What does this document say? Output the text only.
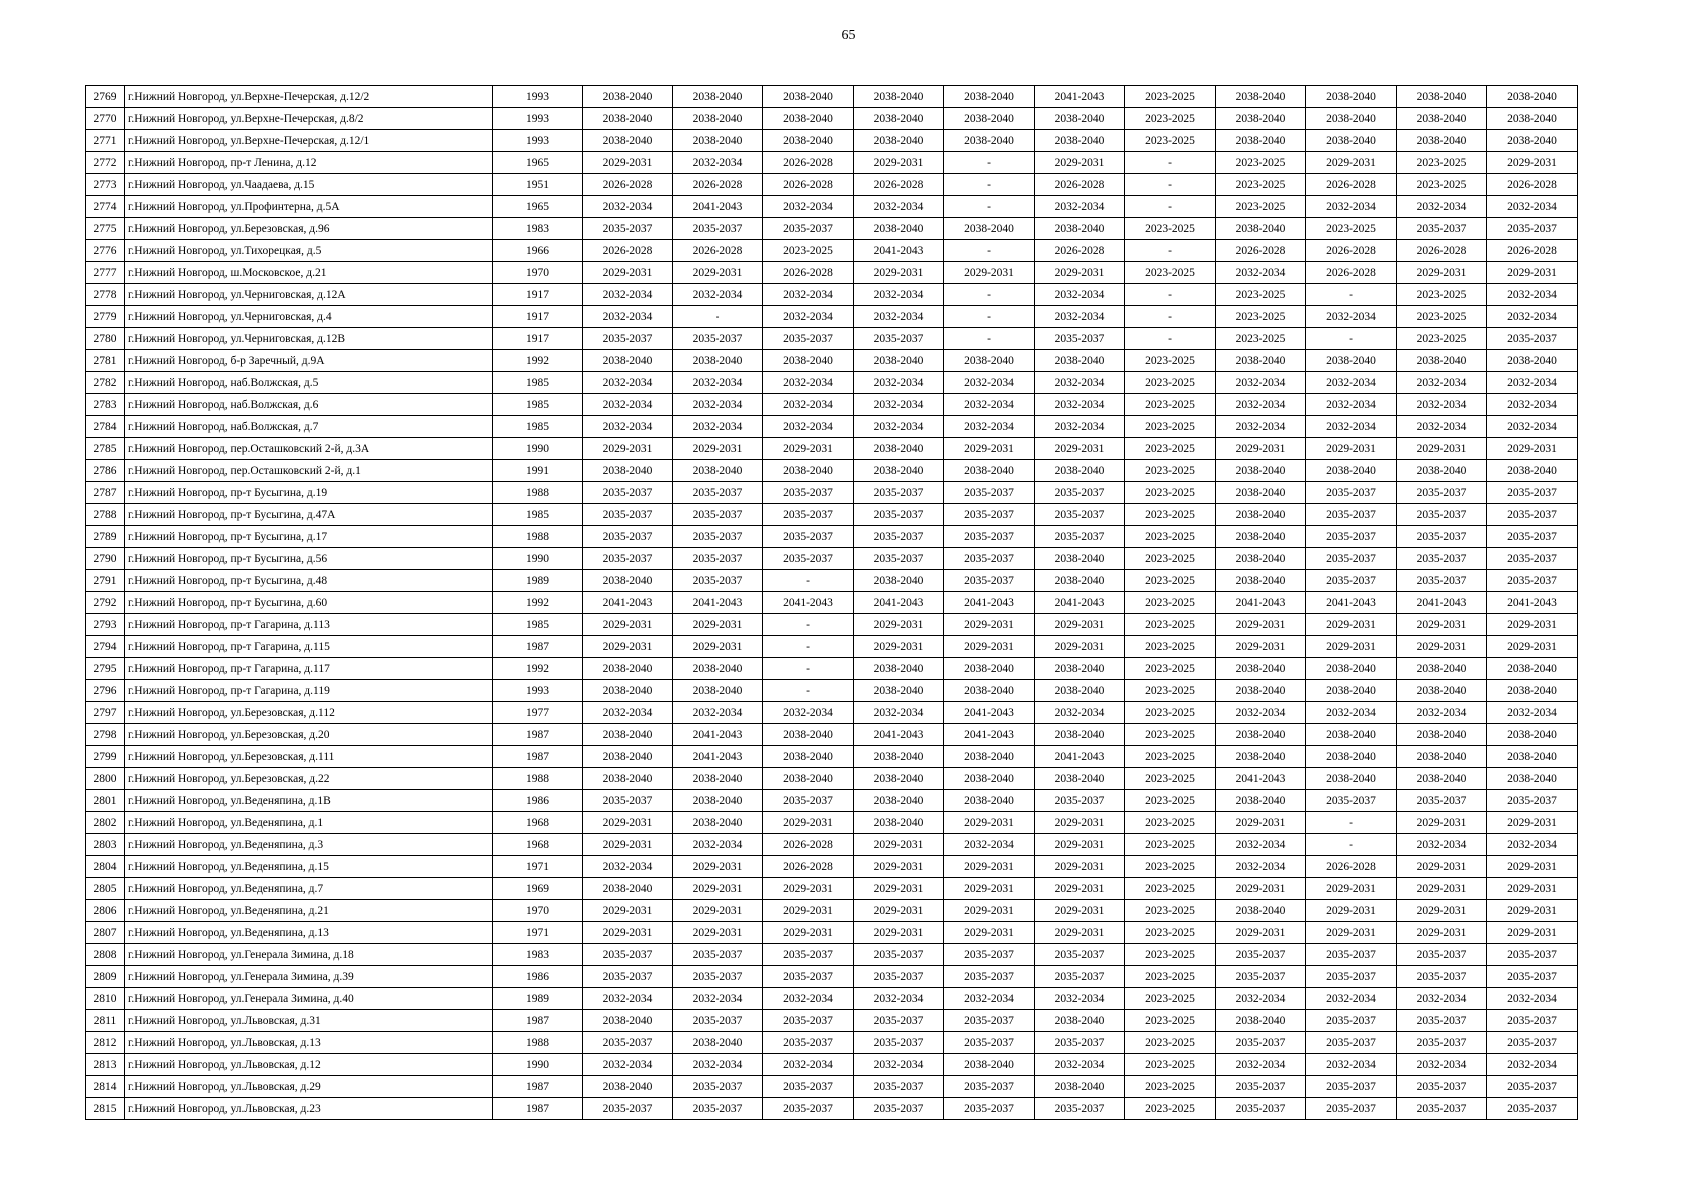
65
2769	г.Нижний Новгород, ул.Верхне-Печерская, д.12/2	1993	2038-2040	2038-2040	2038-2040	2038-2040	2038-2040	2041-2043	2023-2025	2038-2040	2038-2040	2038-2040	2038-2040
2770	г.Нижний Новгород, ул.Верхне-Печерская, д.8/2	1993	2038-2040	2038-2040	2038-2040	2038-2040	2038-2040	2038-2040	2023-2025	2038-2040	2038-2040	2038-2040	2038-2040
2771	г.Нижний Новгород, ул.Верхне-Печерская, д.12/1	1993	2038-2040	2038-2040	2038-2040	2038-2040	2038-2040	2038-2040	2023-2025	2038-2040	2038-2040	2038-2040	2038-2040
2772	г.Нижний Новгород, пр-т Ленина, д.12	1965	2029-2031	2032-2034	2026-2028	2029-2031	-	2029-2031	-	2023-2025	2029-2031	2023-2025	2029-2031
2773	г.Нижний Новгород, ул.Чаадаева, д.15	1951	2026-2028	2026-2028	2026-2028	2026-2028	-	2026-2028	-	2023-2025	2026-2028	2023-2025	2026-2028
2774	г.Нижний Новгород, ул.Профинтерна, д.5А	1965	2032-2034	2041-2043	2032-2034	2032-2034	-	2032-2034	-	2023-2025	2032-2034	2032-2034	2032-2034
2775	г.Нижний Новгород, ул.Березовская, д.96	1983	2035-2037	2035-2037	2035-2037	2038-2040	2038-2040	2038-2040	2023-2025	2038-2040	2023-2025	2035-2037	2035-2037
2776	г.Нижний Новгород, ул.Тихорецкая, д.5	1966	2026-2028	2026-2028	2023-2025	2041-2043	-	2026-2028	-	2026-2028	2026-2028	2026-2028	2026-2028
2777	г.Нижний Новгород, ш.Московское, д.21	1970	2029-2031	2029-2031	2026-2028	2029-2031	2029-2031	2029-2031	2023-2025	2032-2034	2026-2028	2029-2031	2029-2031
2778	г.Нижний Новгород, ул.Черниговская, д.12А	1917	2032-2034	2032-2034	2032-2034	2032-2034	-	2032-2034	-	2023-2025	-	2023-2025	2032-2034
2779	г.Нижний Новгород, ул.Черниговская, д.4	1917	2032-2034	-	2032-2034	2032-2034	-	2032-2034	-	2023-2025	2032-2034	2023-2025	2032-2034
2780	г.Нижний Новгород, ул.Черниговская, д.12В	1917	2035-2037	2035-2037	2035-2037	2035-2037	-	2035-2037	-	2023-2025	-	2023-2025	2035-2037
2781	г.Нижний Новгород, б-р Заречный, д.9А	1992	2038-2040	2038-2040	2038-2040	2038-2040	2038-2040	2038-2040	2023-2025	2038-2040	2038-2040	2038-2040	2038-2040
2782	г.Нижний Новгород, наб.Волжская, д.5	1985	2032-2034	2032-2034	2032-2034	2032-2034	2032-2034	2032-2034	2023-2025	2032-2034	2032-2034	2032-2034	2032-2034
2783	г.Нижний Новгород, наб.Волжская, д.6	1985	2032-2034	2032-2034	2032-2034	2032-2034	2032-2034	2032-2034	2023-2025	2032-2034	2032-2034	2032-2034	2032-2034
2784	г.Нижний Новгород, наб.Волжская, д.7	1985	2032-2034	2032-2034	2032-2034	2032-2034	2032-2034	2032-2034	2023-2025	2032-2034	2032-2034	2032-2034	2032-2034
2785	г.Нижний Новгород, пер.Осташковский 2-й, д.3А	1990	2029-2031	2029-2031	2029-2031	2038-2040	2029-2031	2029-2031	2023-2025	2029-2031	2029-2031	2029-2031	2029-2031
2786	г.Нижний Новгород, пер.Осташковский 2-й, д.1	1991	2038-2040	2038-2040	2038-2040	2038-2040	2038-2040	2038-2040	2023-2025	2038-2040	2038-2040	2038-2040	2038-2040
2787	г.Нижний Новгород, пр-т Бусыгина, д.19	1988	2035-2037	2035-2037	2035-2037	2035-2037	2035-2037	2035-2037	2023-2025	2038-2040	2035-2037	2035-2037	2035-2037
2788	г.Нижний Новгород, пр-т Бусыгина, д.47А	1985	2035-2037	2035-2037	2035-2037	2035-2037	2035-2037	2035-2037	2023-2025	2038-2040	2035-2037	2035-2037	2035-2037
2789	г.Нижний Новгород, пр-т Бусыгина, д.17	1988	2035-2037	2035-2037	2035-2037	2035-2037	2035-2037	2035-2037	2023-2025	2038-2040	2035-2037	2035-2037	2035-2037
2790	г.Нижний Новгород, пр-т Бусыгина, д.56	1990	2035-2037	2035-2037	2035-2037	2035-2037	2035-2037	2038-2040	2023-2025	2038-2040	2035-2037	2035-2037	2035-2037
2791	г.Нижний Новгород, пр-т Бусыгина, д.48	1989	2038-2040	2035-2037	-	2038-2040	2035-2037	2038-2040	2023-2025	2038-2040	2035-2037	2035-2037	2035-2037
2792	г.Нижний Новгород, пр-т Бусыгина, д.60	1992	2041-2043	2041-2043	2041-2043	2041-2043	2041-2043	2041-2043	2023-2025	2041-2043	2041-2043	2041-2043	2041-2043
2793	г.Нижний Новгород, пр-т Гагарина, д.113	1985	2029-2031	2029-2031	-	2029-2031	2029-2031	2029-2031	2023-2025	2029-2031	2029-2031	2029-2031	2029-2031
2794	г.Нижний Новгород, пр-т Гагарина, д.115	1987	2029-2031	2029-2031	-	2029-2031	2029-2031	2029-2031	2023-2025	2029-2031	2029-2031	2029-2031	2029-2031
2795	г.Нижний Новгород, пр-т Гагарина, д.117	1992	2038-2040	2038-2040	-	2038-2040	2038-2040	2038-2040	2023-2025	2038-2040	2038-2040	2038-2040	2038-2040
2796	г.Нижний Новгород, пр-т Гагарина, д.119	1993	2038-2040	2038-2040	-	2038-2040	2038-2040	2038-2040	2023-2025	2038-2040	2038-2040	2038-2040	2038-2040
2797	г.Нижний Новгород, ул.Березовская, д.112	1977	2032-2034	2032-2034	2032-2034	2032-2034	2041-2043	2032-2034	2023-2025	2032-2034	2032-2034	2032-2034	2032-2034
2798	г.Нижний Новгород, ул.Березовская, д.20	1987	2038-2040	2041-2043	2038-2040	2041-2043	2041-2043	2038-2040	2023-2025	2038-2040	2038-2040	2038-2040	2038-2040
2799	г.Нижний Новгород, ул.Березовская, д.111	1987	2038-2040	2041-2043	2038-2040	2038-2040	2038-2040	2041-2043	2023-2025	2038-2040	2038-2040	2038-2040	2038-2040
2800	г.Нижний Новгород, ул.Березовская, д.22	1988	2038-2040	2038-2040	2038-2040	2038-2040	2038-2040	2038-2040	2023-2025	2041-2043	2038-2040	2038-2040	2038-2040
2801	г.Нижний Новгород, ул.Веденяпина, д.1В	1986	2035-2037	2038-2040	2035-2037	2038-2040	2038-2040	2035-2037	2023-2025	2038-2040	2035-2037	2035-2037	2035-2037
2802	г.Нижний Новгород, ул.Веденяпина, д.1	1968	2029-2031	2038-2040	2029-2031	2038-2040	2029-2031	2029-2031	2023-2025	2029-2031	-	2029-2031	2029-2031
2803	г.Нижний Новгород, ул.Веденяпина, д.3	1968	2029-2031	2032-2034	2026-2028	2029-2031	2032-2034	2029-2031	2023-2025	2032-2034	-	2032-2034	2032-2034
2804	г.Нижний Новгород, ул.Веденяпина, д.15	1971	2032-2034	2029-2031	2026-2028	2029-2031	2029-2031	2029-2031	2023-2025	2032-2034	2026-2028	2029-2031	2029-2031
2805	г.Нижний Новгород, ул.Веденяпина, д.7	1969	2038-2040	2029-2031	2029-2031	2029-2031	2029-2031	2029-2031	2023-2025	2029-2031	2029-2031	2029-2031	2029-2031
2806	г.Нижний Новгород, ул.Веденяпина, д.21	1970	2029-2031	2029-2031	2029-2031	2029-2031	2029-2031	2029-2031	2023-2025	2038-2040	2029-2031	2029-2031	2029-2031
2807	г.Нижний Новгород, ул.Веденяпина, д.13	1971	2029-2031	2029-2031	2029-2031	2029-2031	2029-2031	2029-2031	2023-2025	2029-2031	2029-2031	2029-2031	2029-2031
2808	г.Нижний Новгород, ул.Генерала Зимина, д.18	1983	2035-2037	2035-2037	2035-2037	2035-2037	2035-2037	2035-2037	2023-2025	2035-2037	2035-2037	2035-2037	2035-2037
2809	г.Нижний Новгород, ул.Генерала Зимина, д.39	1986	2035-2037	2035-2037	2035-2037	2035-2037	2035-2037	2035-2037	2023-2025	2035-2037	2035-2037	2035-2037	2035-2037
2810	г.Нижний Новгород, ул.Генерала Зимина, д.40	1989	2032-2034	2032-2034	2032-2034	2032-2034	2032-2034	2032-2034	2023-2025	2032-2034	2032-2034	2032-2034	2032-2034
2811	г.Нижний Новгород, ул.Львовская, д.31	1987	2038-2040	2035-2037	2035-2037	2035-2037	2035-2037	2038-2040	2023-2025	2038-2040	2035-2037	2035-2037	2035-2037
2812	г.Нижний Новгород, ул.Львовская, д.13	1988	2035-2037	2038-2040	2035-2037	2035-2037	2035-2037	2035-2037	2023-2025	2035-2037	2035-2037	2035-2037	2035-2037
2813	г.Нижний Новгород, ул.Львовская, д.12	1990	2032-2034	2032-2034	2032-2034	2032-2034	2038-2040	2032-2034	2023-2025	2032-2034	2032-2034	2032-2034	2032-2034
2814	г.Нижний Новгород, ул.Львовская, д.29	1987	2038-2040	2035-2037	2035-2037	2035-2037	2035-2037	2038-2040	2023-2025	2035-2037	2035-2037	2035-2037	2035-2037
2815	г.Нижний Новгород, ул.Львовская, д.23	1987	2035-2037	2035-2037	2035-2037	2035-2037	2035-2037	2035-2037	2023-2025	2035-2037	2035-2037	2035-2037	2035-2037
